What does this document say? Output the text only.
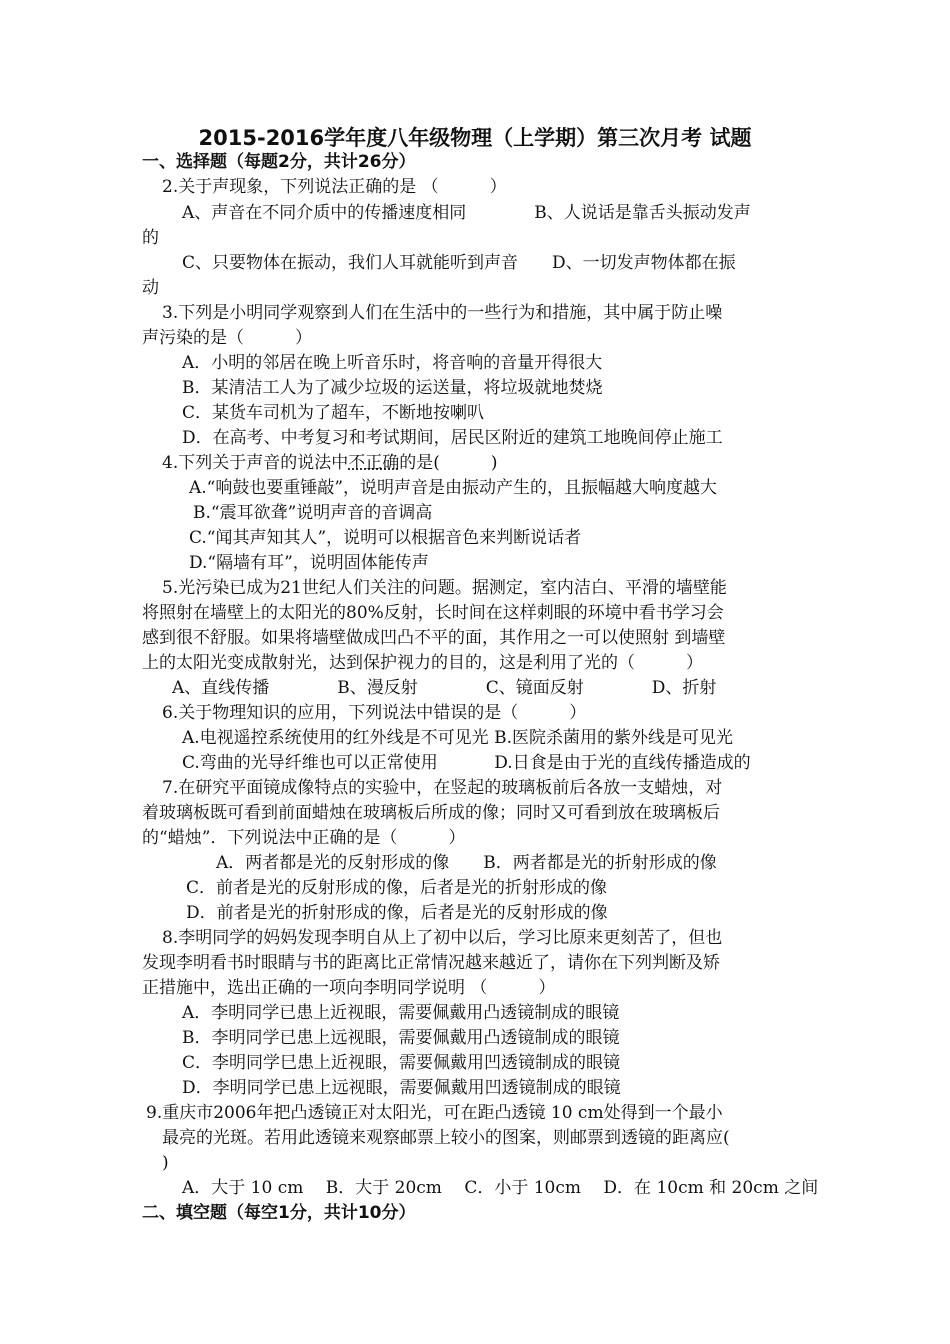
2015-2016学年度八年级物理（上学期）第三次月考 试题
一、选择题（每题2分，共计26分）
2.关于声现象，下列说法正确的是 （　　　）
A、声音在不同介质中的传播速度相同　　　　B、人说话是靠舌头振动发声
的
C、只要物体在振动，我们人耳就能听到声音　　D、一切发声物体都在振
动
3.下列是小明同学观察到人们在生活中的一些行为和措施，其中属于防止噪
声污染的是（　　　）
A．小明的邻居在晚上听音乐时，将音响的音量开得很大
B．某清洁工人为了减少垃圾的运送量，将垃圾就地焚烧
C．某货车司机为了超车，不断地按喇叭
D．在高考、中考复习和考试期间，居民区附近的建筑工地晚间停止施工
4.下列关于声音的说法中不正确的是(　　　)
A.“响鼓也要重锤敲”，说明声音是由振动产生的，且振幅越大响度越大
B.“震耳欲聋”说明声音的音调高
C.“闻其声知其人”，说明可以根据音色来判断说话者
D.“隔墙有耳”，说明固体能传声
5.光污染已成为21世纪人们关注的问题。据测定，室内洁白、平滑的墙壁能
将照射在墙壁上的太阳光的80%反射，长时间在这样刺眼的环境中看书学习会
感到很不舒服。如果将墙壁做成凹凸不平的面，其作用之一可以使照射 到墙壁
上的太阳光变成散射光，达到保护视力的目的，这是利用了光的（　　　）
A、直线传播　　　　B、漫反射　　　　C、镜面反射　　　　D、折射
6.关于物理知识的应用，下列说法中错误的是（　　　）
A.电视遥控系统使用的红外线是不可见光 B.医院杀菌用的紫外线是可见光
C.弯曲的光导纤维也可以正常使用　　　 D.日食是由于光的直线传播造成的
7.在研究平面镜成像特点的实验中，在竖起的玻璃板前后各放一支蜡烛，对
着玻璃板既可看到前面蜡烛在玻璃板后所成的像；同时又可看到放在玻璃板后
的“蜡烛”．下列说法中正确的是（　　　）
A．两者都是光的反射形成的像　　B．两者都是光的折射形成的像
C．前者是光的反射形成的像，后者是光的折射形成的像
D．前者是光的折射形成的像，后者是光的反射形成的像
8.李明同学的妈妈发现李明自从上了初中以后，学习比原来更刻苦了，但也
发现李明看书时眼睛与书的距离比正常情况越来越近了，请你在下列判断及矫
正措施中，选出正确的一项向李明同学说明 （　　　）
A．李明同学已患上近视眼，需要佩戴用凸透镜制成的眼镜
B．李明同学已患上远视眼，需要佩戴用凸透镜制成的眼镜
C．李明同学巳患上近视眼，需要佩戴用凹透镜制成的眼镜
D．李明同学已患上远视眼，需要佩戴用凹透镜制成的眼镜
9.重庆市2006年把凸透镜正对太阳光，可在距凸透镜 10 cm处得到一个最小
最亮的光斑。若用此透镜来观察邮票上较小的图案，则邮票到透镜的距离应(
)
A．大于 10 cm　 B．大于 20cm　 C．小于 10cm　 D．在 10cm 和 20cm 之间
二、填空题（每空1分，共计10分）
